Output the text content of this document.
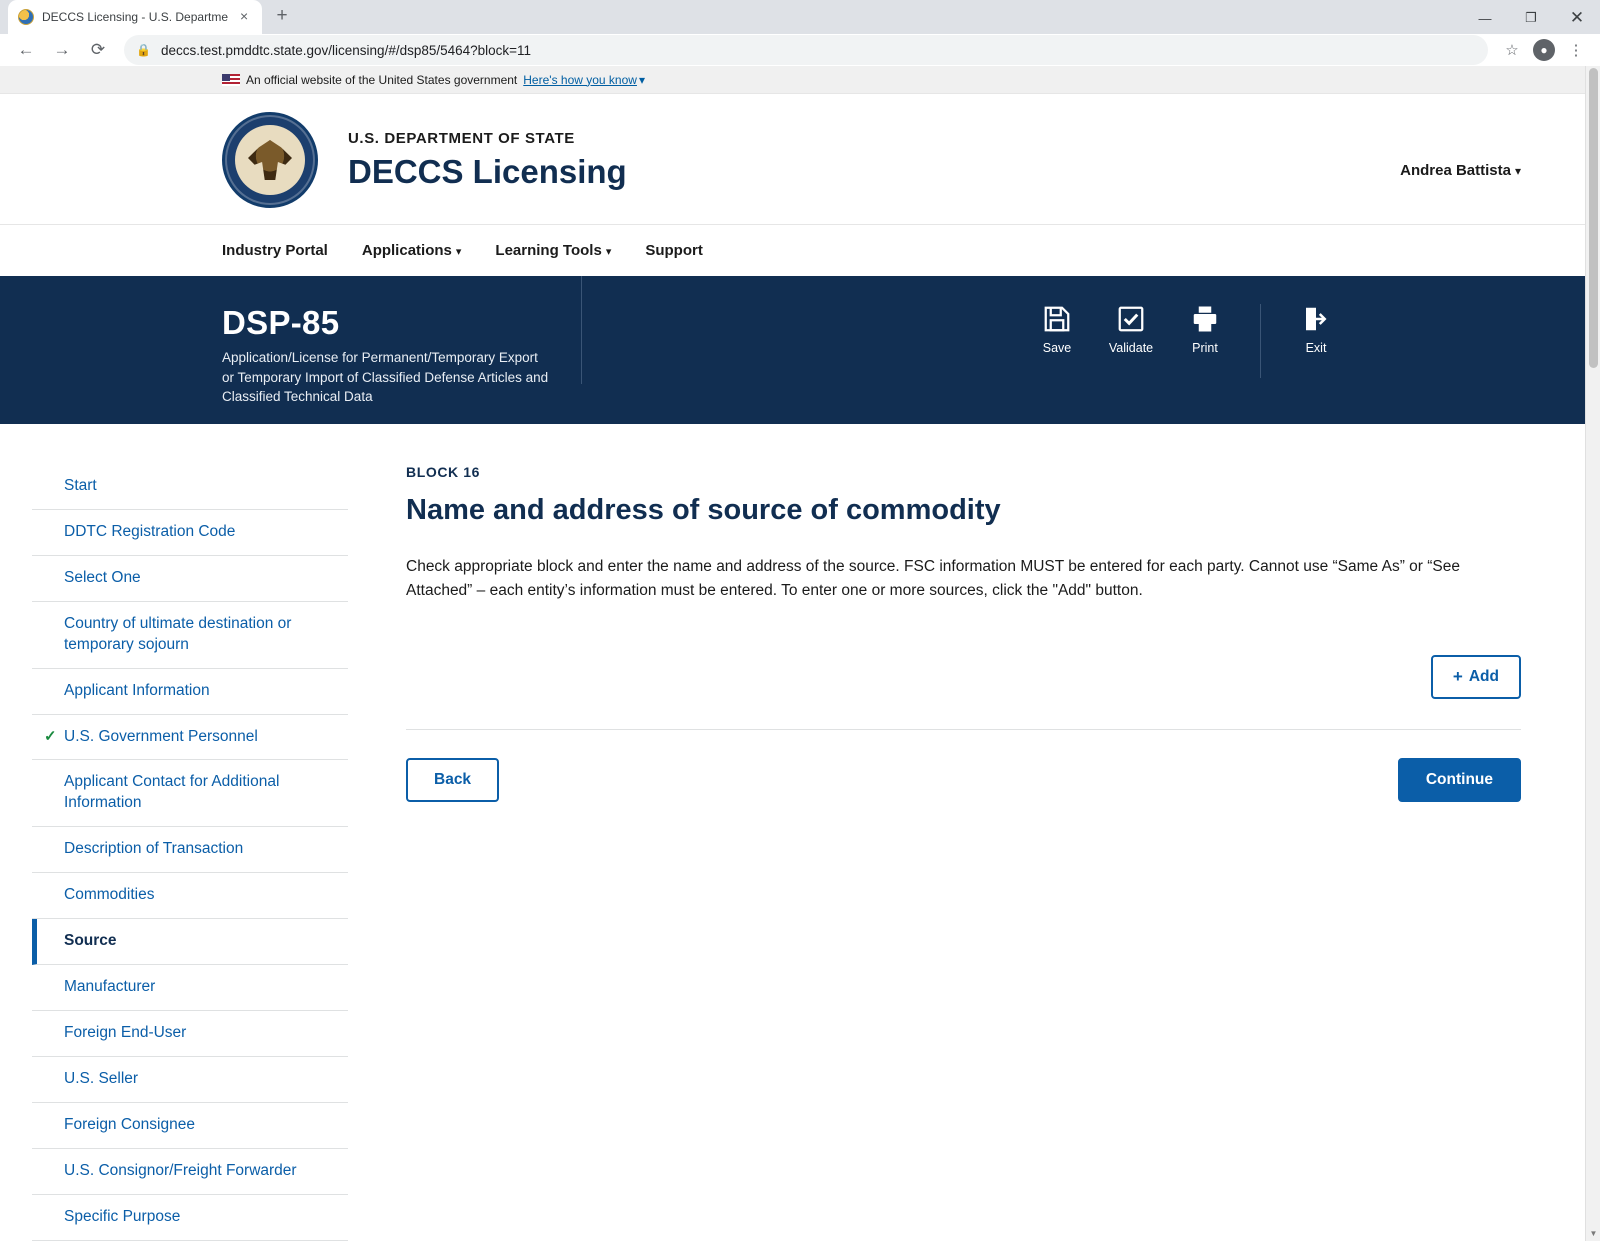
DECCS Licensing - U.S. Departme ×	+	—	❐	✕
←	→	⟳	🔒 deccs.test.pmddtc.state.gov/licensing/#/dsp85/5464?block=11	☆	●	⋮
An official website of the United States government Here's how you know ▾
U.S. DEPARTMENT OF STATE
DECCS Licensing	Andrea Battista ▾
Industry Portal Applications ▾ Learning Tools ▾ Support
DSP-85
Application/License for Permanent/Temporary Export or Temporary Import of Classified Defense Articles and Classified Technical Data
Save	Validate	Print	Exit
Start
DDTC Registration Code
Select One
Country of ultimate destination or temporary sojourn
Applicant Information
✓ U.S. Government Personnel
Applicant Contact for Additional Information
Description of Transaction
Commodities
Source
Manufacturer
Foreign End-User
U.S. Seller
Foreign Consignee
U.S. Consignor/Freight Forwarder
Specific Purpose
BLOCK 16
Name and address of source of commodity

Check appropriate block and enter the name and address of the source. FSC information MUST be entered for each party. Cannot use “Same As” or “See Attached” – each entity’s information must be entered. To enter one or more sources, click the "Add" button.

+ Add
Back	Continue
▼
